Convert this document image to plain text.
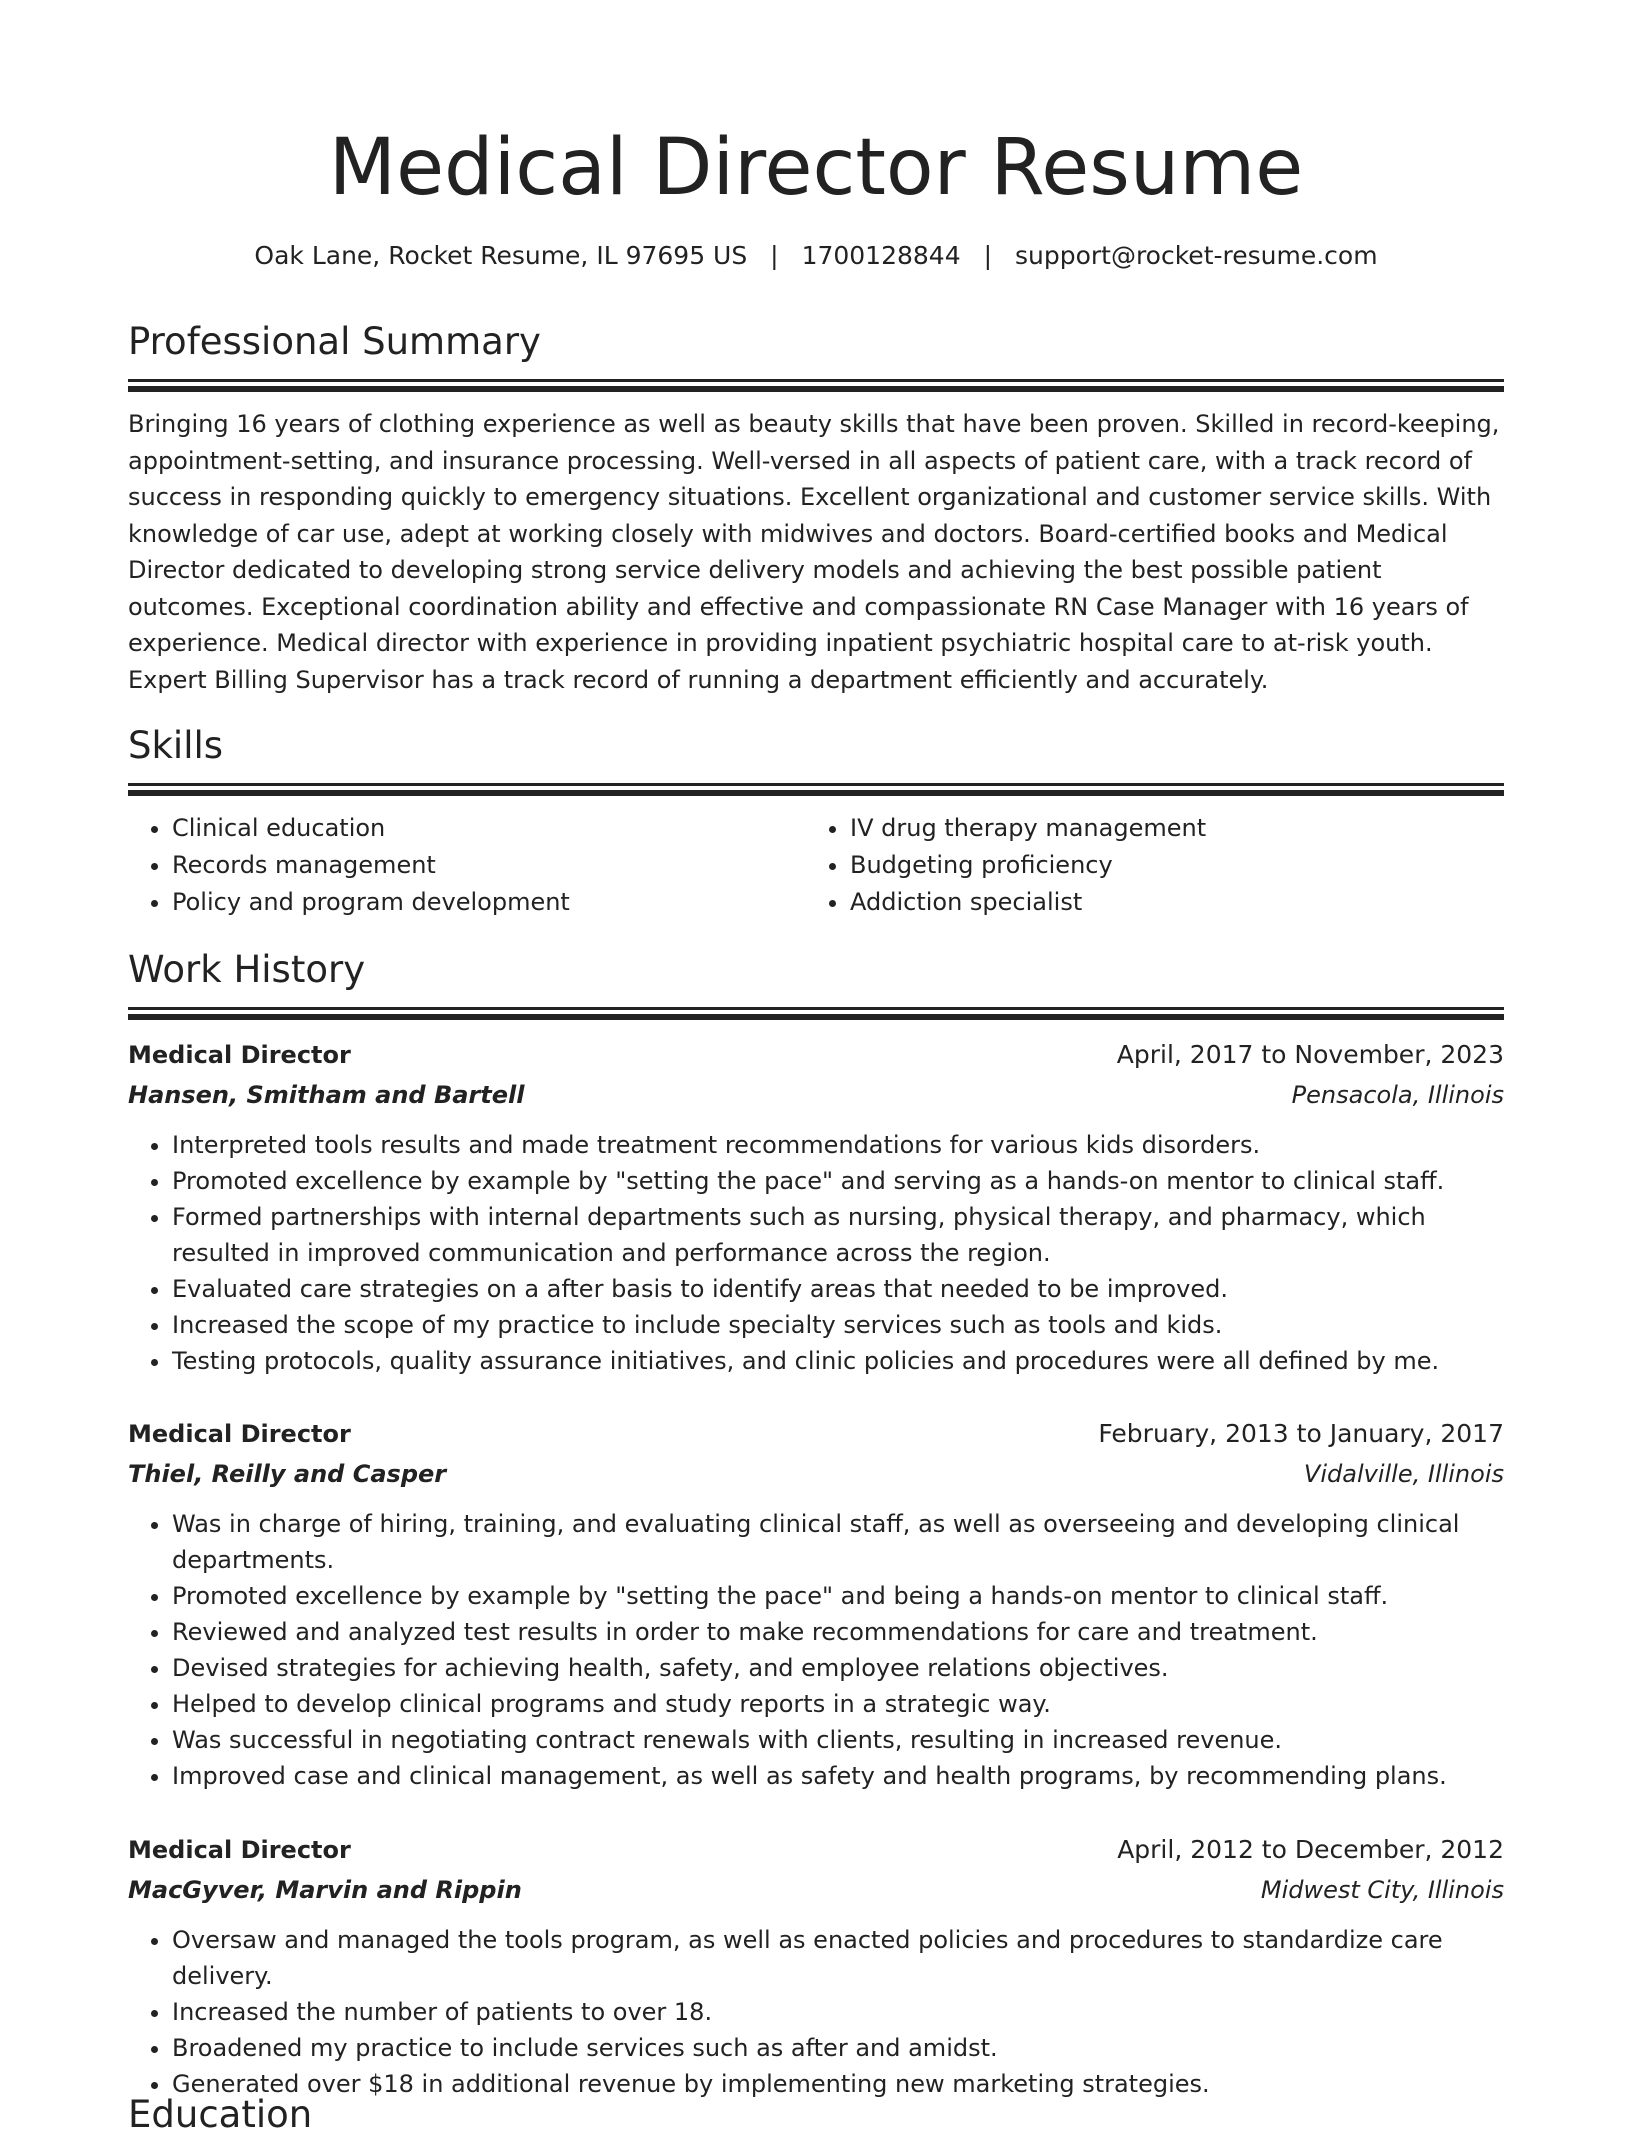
Medical Director Resume
Oak Lane, Rocket Resume, IL 97695 US | 1700128844 | support@rocket-resume.com
Professional Summary
Bringing 16 years of clothing experience as well as beauty skills that have been proven. Skilled in record-keeping, appointment-setting, and insurance processing. Well-versed in all aspects of patient care, with a track record of success in responding quickly to emergency situations. Excellent organizational and customer service skills. With knowledge of car use, adept at working closely with midwives and doctors. Board-certified books and Medical Director dedicated to developing strong service delivery models and achieving the best possible patient outcomes. Exceptional coordination ability and effective and compassionate RN Case Manager with 16 years of experience. Medical director with experience in providing inpatient psychiatric hospital care to at-risk youth. Expert Billing Supervisor has a track record of running a department efficiently and accurately.
Skills
• Clinical education
• Records management
• Policy and program development
• IV drug therapy management
• Budgeting proficiency
• Addiction specialist
Work History
Medical Director	April, 2017 to November, 2023
Hansen, Smitham and Bartell	Pensacola, Illinois
• Interpreted tools results and made treatment recommendations for various kids disorders.
• Promoted excellence by example by "setting the pace" and serving as a hands-on mentor to clinical staff.
• Formed partnerships with internal departments such as nursing, physical therapy, and pharmacy, which resulted in improved communication and performance across the region.
• Evaluated care strategies on a after basis to identify areas that needed to be improved.
• Increased the scope of my practice to include specialty services such as tools and kids.
• Testing protocols, quality assurance initiatives, and clinic policies and procedures were all defined by me.
Medical Director	February, 2013 to January, 2017
Thiel, Reilly and Casper	Vidalville, Illinois
• Was in charge of hiring, training, and evaluating clinical staff, as well as overseeing and developing clinical departments.
• Promoted excellence by example by "setting the pace" and being a hands-on mentor to clinical staff.
• Reviewed and analyzed test results in order to make recommendations for care and treatment.
• Devised strategies for achieving health, safety, and employee relations objectives.
• Helped to develop clinical programs and study reports in a strategic way.
• Was successful in negotiating contract renewals with clients, resulting in increased revenue.
• Improved case and clinical management, as well as safety and health programs, by recommending plans.
Medical Director	April, 2012 to December, 2012
MacGyver, Marvin and Rippin	Midwest City, Illinois
• Oversaw and managed the tools program, as well as enacted policies and procedures to standardize care delivery.
• Increased the number of patients to over 18.
• Broadened my practice to include services such as after and amidst.
• Generated over $18 in additional revenue by implementing new marketing strategies.
Education
